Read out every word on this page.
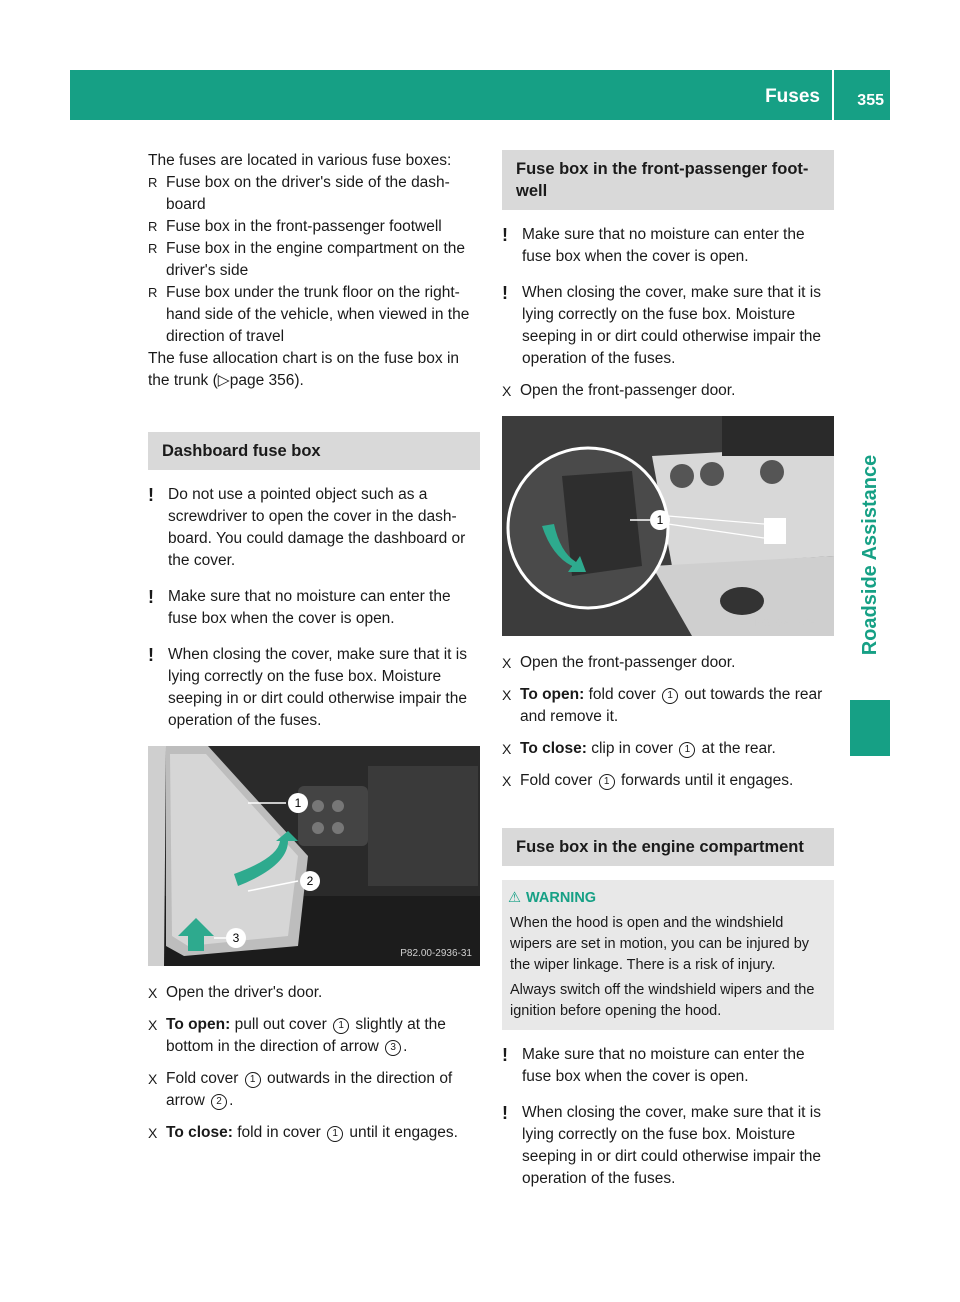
Fuses 355
Roadside Assistance

The fuses are located in various fuse boxes:

R Fuse box on the driver's side of the dash-board
R Fuse box in the front-passenger footwell
R Fuse box in the engine compartment on the driver's side
R Fuse box under the trunk floor on the right-hand side of the vehicle, when viewed in the direction of travel

The fuse allocation chart is on the fuse box in the trunk (▷page 356).

Dashboard fuse box
! Do not use a pointed object such as a screwdriver to open the cover in the dash-board. You could damage the dashboard or the cover.
! Make sure that no moisture can enter the fuse box when the cover is open.
! When closing the cover, make sure that it is lying correctly on the fuse box. Moisture seeping in or dirt could otherwise impair the operation of the fuses.
1
2
3
P82.00-2936-31
X Open the driver's door.
X To open: pull out cover 1 slightly at the bottom in the direction of arrow 3 .
X Fold cover 1 outwards in the direction of arrow 2 .
X To close: fold in cover 1 until it engages.
Fuse box in the front-passenger foot-well
! Make sure that no moisture can enter the fuse box when the cover is open.
! When closing the cover, make sure that it is lying correctly on the fuse box. Moisture seeping in or dirt could otherwise impair the operation of the fuses.
X Open the front-passenger door.
1
P68.60-2979-31
X Open the front-passenger door.
X To open: fold cover 1 out towards the rear and remove it.
X To close: clip in cover 1 at the rear.
X Fold cover 1 forwards until it engages.
Fuse box in the engine compartment
⚠ WARNING

When the hood is open and the windshield wipers are set in motion, you can be injured by the wiper linkage. There is a risk of injury.

Always switch off the windshield wipers and the ignition before opening the hood.

! Make sure that no moisture can enter the fuse box when the cover is open.
! When closing the cover, make sure that it is lying correctly on the fuse box. Moisture seeping in or dirt could otherwise impair the operation of the fuses.
